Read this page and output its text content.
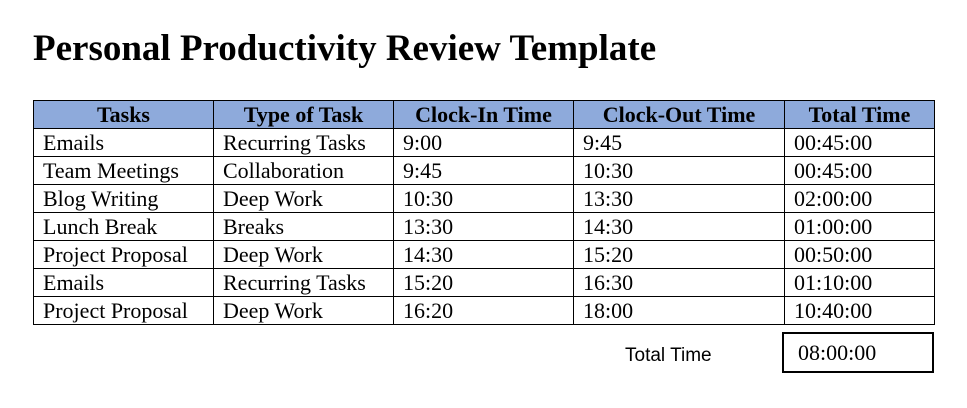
Personal Productivity Review Template
Tasks	Type of Task	Clock-In Time	Clock-Out Time	Total Time
Emails	Recurring Tasks	9:00	9:45	00:45:00
Team Meetings	Collaboration	9:45	10:30	00:45:00
Blog Writing	Deep Work	10:30	13:30	02:00:00
Lunch Break	Breaks	13:30	14:30	01:00:00
Project Proposal	Deep Work	14:30	15:20	00:50:00
Emails	Recurring Tasks	15:20	16:30	01:10:00
Project Proposal	Deep Work	16:20	18:00	10:40:00
Total Time	08:00:00
